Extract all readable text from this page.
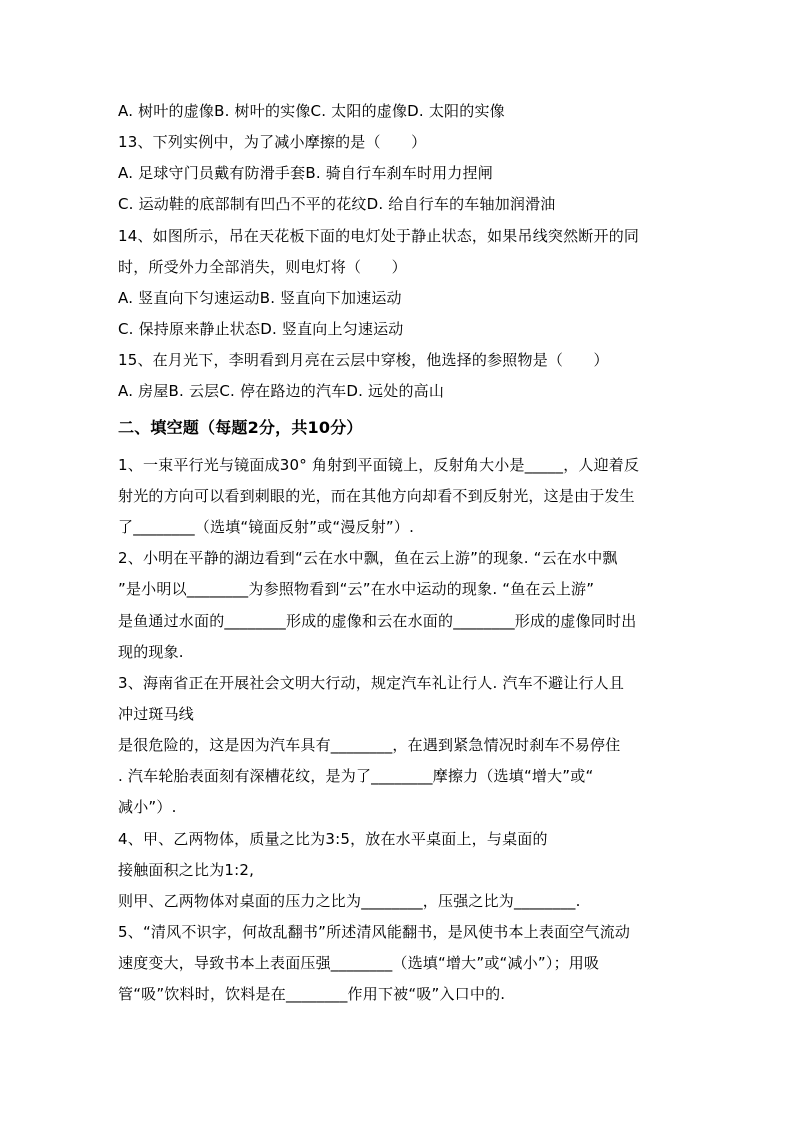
A. 树叶的虚像B. 树叶的实像C. 太阳的虚像D. 太阳的实像
13、下列实例中，为了减小摩擦的是（　　）
A. 足球守门员戴有防滑手套B. 骑自行车刹车时用力捏闸
C. 运动鞋的底部制有凹凸不平的花纹D. 给自行车的车轴加润滑油
14、如图所示，吊在天花板下面的电灯处于静止状态，如果吊线突然断开的同
时，所受外力全部消失，则电灯将（　　）
A. 竖直向下匀速运动B. 竖直向下加速运动
C. 保持原来静止状态D. 竖直向上匀速运动
15、在月光下，李明看到月亮在云层中穿梭，他选择的参照物是（　　）
A. 房屋B. 云层C. 停在路边的汽车D. 远处的高山
二、填空题（每题2分，共10分）
1、一束平行光与镜面成30° 角射到平面镜上，反射角大小是_____，人迎着反
射光的方向可以看到刺眼的光，而在其他方向却看不到反射光，这是由于发生
了________（选填“镜面反射”或“漫反射”）.
2、小明在平静的湖边看到“云在水中飘，鱼在云上游”的现象. “云在水中飘
”是小明以________为参照物看到“云”在水中运动的现象. “鱼在云上游”
是鱼通过水面的________形成的虚像和云在水面的________形成的虚像同时出
现的现象.
3、海南省正在开展社会文明大行动，规定汽车礼让行人. 汽车不避让行人且
冲过斑马线
是很危险的，这是因为汽车具有________，在遇到紧急情况时刹车不易停住
. 汽车轮胎表面刻有深槽花纹，是为了________摩擦力（选填“增大”或“
减小”）.
4、甲、乙两物体，质量之比为3:5，放在水平桌面上，与桌面的
接触面积之比为1:2,
则甲、乙两物体对桌面的压力之比为________，压强之比为________.
5、“清风不识字，何故乱翻书”所述清风能翻书，是风使书本上表面空气流动
速度变大，导致书本上表面压强________（选填“增大”或“减小”）；用吸
管“吸”饮料时，饮料是在________作用下被“吸”入口中的.
